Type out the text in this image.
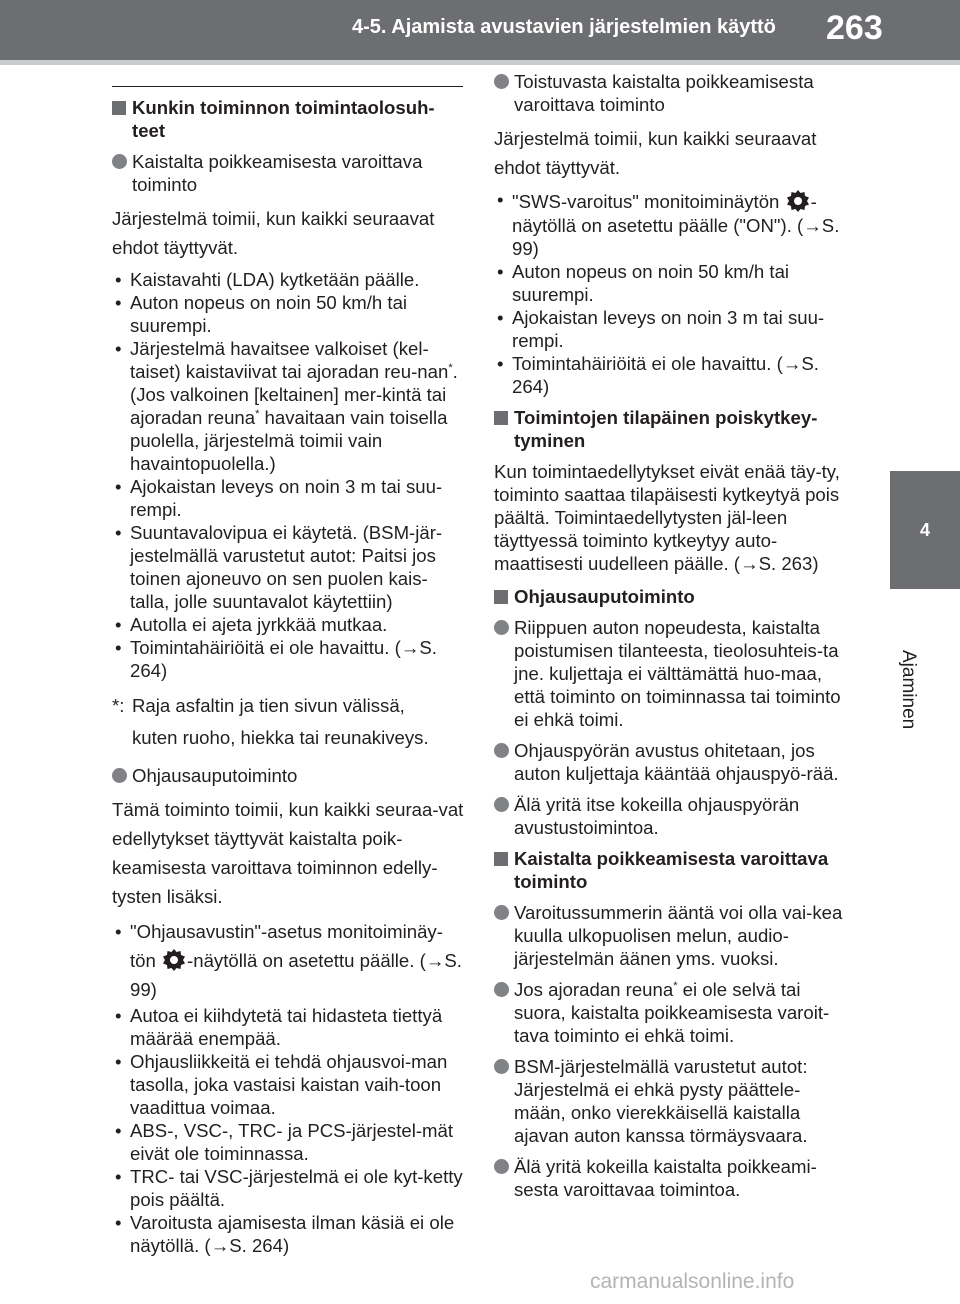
4-5. Ajamista avustavien järjestelmien käyttö 263
4
Ajaminen
Kunkin toiminnon toimintaolosuh-teet
Kaistalta poikkeamisesta varoittava toiminto

Järjestelmä toimii, kun kaikki seuraavat ehdot täyttyvät.

• Kaistavahti (LDA) kytketään päälle.
• Auton nopeus on noin 50 km/h tai suurempi.
• Järjestelmä havaitsee valkoiset (kel-taiset) kaistaviivat tai ajoradan reu-nan*. (Jos valkoinen [keltainen] mer-kintä tai ajoradan reuna* havaitaan vain toisella puolella, järjestelmä toimii vain havaintopuolella.)
• Ajokaistan leveys on noin 3 m tai suu-rempi.
• Suuntavalovipua ei käytetä. (BSM-jär-jestelmällä varustetut autot: Paitsi jos toinen ajoneuvo on sen puolen kais-talla, jolle suuntavalot käytettiin)
• Autolla ei ajeta jyrkkää mutkaa.
• Toimintahäiriöitä ei ole havaittu. (→S. 264)
*: Raja asfaltin ja tien sivun välissä,
kuten ruoho, hiekka tai reunakiveys.
Ohjausauputoiminto

Tämä toiminto toimii, kun kaikki seuraa-vat edellytykset täyttyvät kaistalta poik-keamisesta varoittava toiminnon edelly-tysten lisäksi.

• "Ohjausavustin"-asetus monitoiminäy-tön -näytöllä on asetettu päälle. (→S. 99)
• Autoa ei kiihdytetä tai hidasteta tiettyä määrää enempää.
• Ohjausliikkeitä ei tehdä ohjausvoi-man tasolla, joka vastaisi kaistan vaih-toon vaadittua voimaa.
• ABS-, VSC-, TRC- ja PCS-järjestel-mät eivät ole toiminnassa.
• TRC- tai VSC-järjestelmä ei ole kyt-ketty pois päältä.
• Varoitusta ajamisesta ilman käsiä ei ole näytöllä. (→S. 264)
Toistuvasta kaistalta poikkeamisesta varoittava toiminto

Järjestelmä toimii, kun kaikki seuraavat ehdot täyttyvät.

• "SWS-varoitus" monitoiminäytön -näytöllä on asetettu päälle ("ON"). (→S. 99)
• Auton nopeus on noin 50 km/h tai suurempi.
• Ajokaistan leveys on noin 3 m tai suu-rempi.
• Toimintahäiriöitä ei ole havaittu. (→S. 264)
Toimintojen tilapäinen poiskytkey-tyminen

Kun toimintaedellytykset eivät enää täy-ty, toiminto saattaa tilapäisesti kytkeytyä pois päältä. Toimintaedellytysten jäl-leen täyttyessä toiminto kytkeytyy auto-maattisesti uudelleen päälle. (→S. 263)

Ohjausauputoiminto
Riippuen auton nopeudesta, kaistalta poistumisen tilanteesta, tieolosuhteis-ta jne. kuljettaja ei välttämättä huo-maa, että toiminto on toiminnassa tai toiminto ei ehkä toimi.
Ohjauspyörän avustus ohitetaan, jos auton kuljettaja kääntää ohjauspyö-rää.
Älä yritä itse kokeilla ohjauspyörän avustustoimintoa.
Kaistalta poikkeamisesta varoittava toiminto
Varoitussummerin ääntä voi olla vai-kea kuulla ulkopuolisen melun, audio-järjestelmän äänen yms. vuoksi.
Jos ajoradan reuna* ei ole selvä tai suora, kaistalta poikkeamisesta varoit-tava toiminto ei ehkä toimi.
BSM-järjestelmällä varustetut autot: Järjestelmä ei ehkä pysty päättele-mään, onko vierekkäisellä kaistalla ajavan auton kanssa törmäysvaara.
Älä yritä kokeilla kaistalta poikkeami-sesta varoittavaa toimintoa.
carmanualsonline.info
